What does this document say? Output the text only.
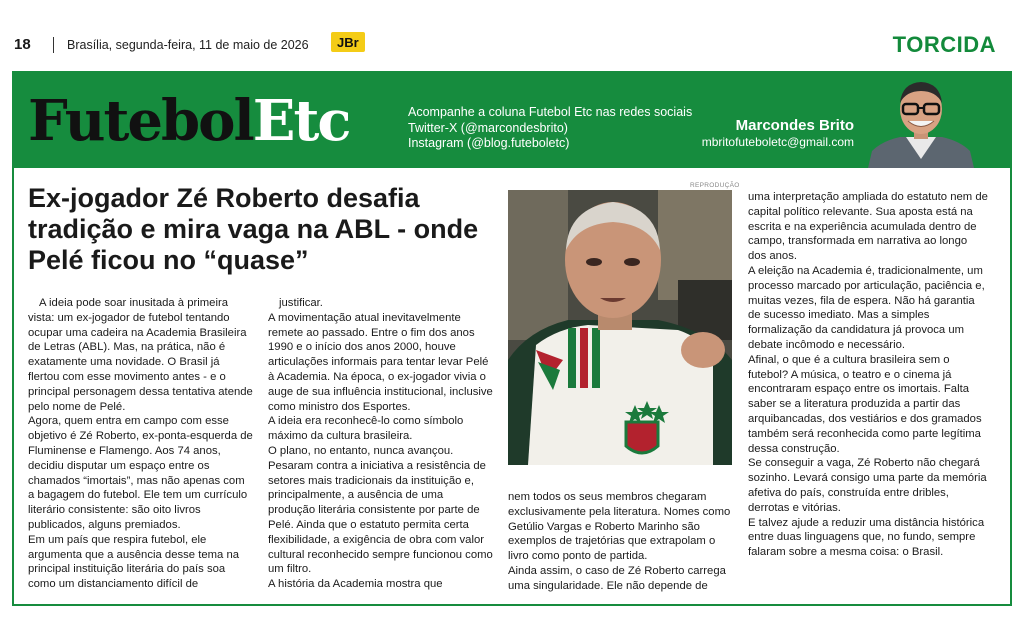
18	Brasília, segunda-feira, 11 de maio de 2026	JBr	TORCIDA
FutebolEtc	Acompanhe a coluna Futebol Etc nas redes sociais
Twitter-X (@marcondesbrito)
Instagram (@blog.futeboletc)
Marcondes Brito
mbritofuteboletc@gmail.com
Ex-jogador Zé Roberto desafia tradição e mira vaga na ABL - onde Pelé ficou no “quase”

A ideia pode soar inusitada à primeira vista: um ex-jogador de futebol tentando ocupar uma cadeira na Academia Brasileira de Letras (ABL). Mas, na prática, não é exatamente uma novidade. O Brasil já flertou com esse movimento antes - e o principal personagem dessa tentativa atende pelo nome de Pelé.

Agora, quem entra em campo com esse objetivo é Zé Roberto, ex-ponta-esquerda de Fluminense e Flamengo. Aos 74 anos, decidiu disputar um espaço entre os chamados “imortais”, mas não apenas com a bagagem do futebol. Ele tem um currículo literário consistente: são oito livros publicados, alguns premiados.

Em um país que respira futebol, ele argumenta que a ausência desse tema na principal instituição literária do país soa como um distanciamento difícil de

justificar.

A movimentação atual inevitavelmente remete ao passado. Entre o fim dos anos 1990 e o início dos anos 2000, houve articulações informais para tentar levar Pelé à Academia. Na época, o ex-jogador vivia o auge de sua influência institucional, inclusive como ministro dos Esportes.

A ideia era reconhecê-lo como símbolo máximo da cultura brasileira.

O plano, no entanto, nunca avançou.

Pesaram contra a iniciativa a resistência de setores mais tradicionais da instituição e, principalmente, a ausência de uma produção literária consistente por parte de Pelé. Ainda que o estatuto permita certa flexibilidade, a exigência de obra com valor cultural reconhecido sempre funcionou como um filtro.

A história da Academia mostra que

REPRODUÇÃO

nem todos os seus membros chegaram exclusivamente pela literatura. Nomes como Getúlio Vargas e Roberto Marinho são exemplos de trajetórias que extrapolam o livro como ponto de partida.

Ainda assim, o caso de Zé Roberto carrega uma singularidade. Ele não depende de

uma interpretação ampliada do estatuto nem de capital político relevante. Sua aposta está na escrita e na experiência acumulada dentro de campo, transformada em narrativa ao longo dos anos.

A eleição na Academia é, tradicionalmente, um processo marcado por articulação, paciência e, muitas vezes, fila de espera. Não há garantia de sucesso imediato. Mas a simples formalização da candidatura já provoca um debate incômodo e necessário.

Afinal, o que é a cultura brasileira sem o futebol? A música, o teatro e o cinema já encontraram espaço entre os imortais. Falta saber se a literatura produzida a partir das arquibancadas, dos vestiários e dos gramados também será reconhecida como parte legítima dessa construção.

Se conseguir a vaga, Zé Roberto não chegará sozinho. Levará consigo uma parte da memória afetiva do país, construída entre dribles, derrotas e vitórias.

E talvez ajude a reduzir uma distância histórica entre duas linguagens que, no fundo, sempre falaram sobre a mesma coisa: o Brasil.
